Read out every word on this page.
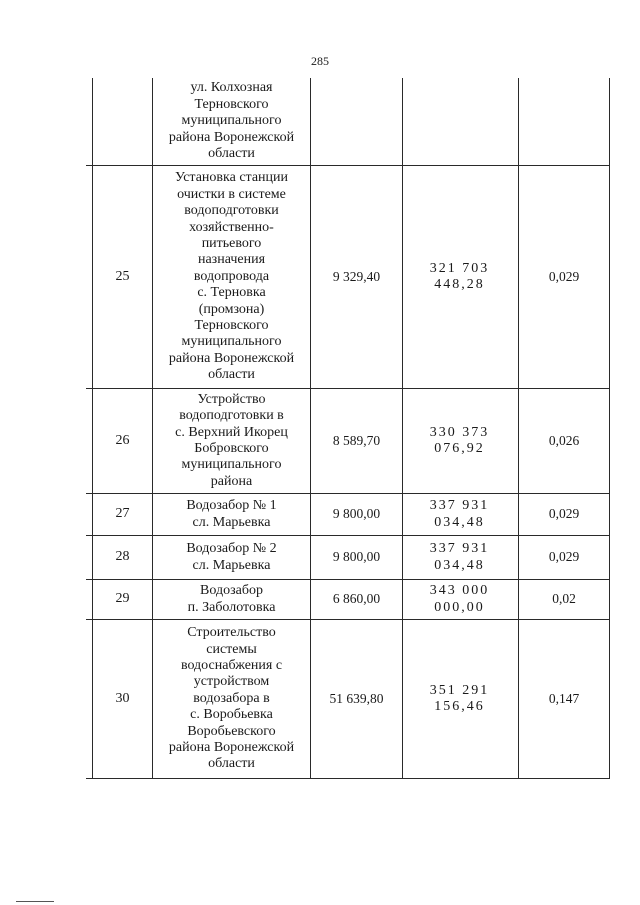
285
ул. Колхозная
Терновского
муниципального
района Воронежской
области
25
Установка станции
очистки в системе
водоподготовки
хозяйственно-
питьевого
назначения
водопровода
с. Терновка
(промзона)
Терновского
муниципального
района Воронежской
области
9 329,40
321 703 448,28
0,029
26
Устройство
водоподготовки в
с. Верхний Икорец
Бобровского
муниципального
района
8 589,70
330 373 076,92
0,026
27
Водозабор № 1
сл. Марьевка
9 800,00
337 931 034,48
0,029
28
Водозабор № 2
сл. Марьевка
9 800,00
337 931 034,48
0,029
29
Водозабор
п. Заболотовка
6 860,00
343 000 000,00
0,02
30
Строительство
системы
водоснабжения с
устройством
водозабора в
с. Воробьевка
Воробьевского
района Воронежской
области
51 639,80
351 291 156,46
0,147
